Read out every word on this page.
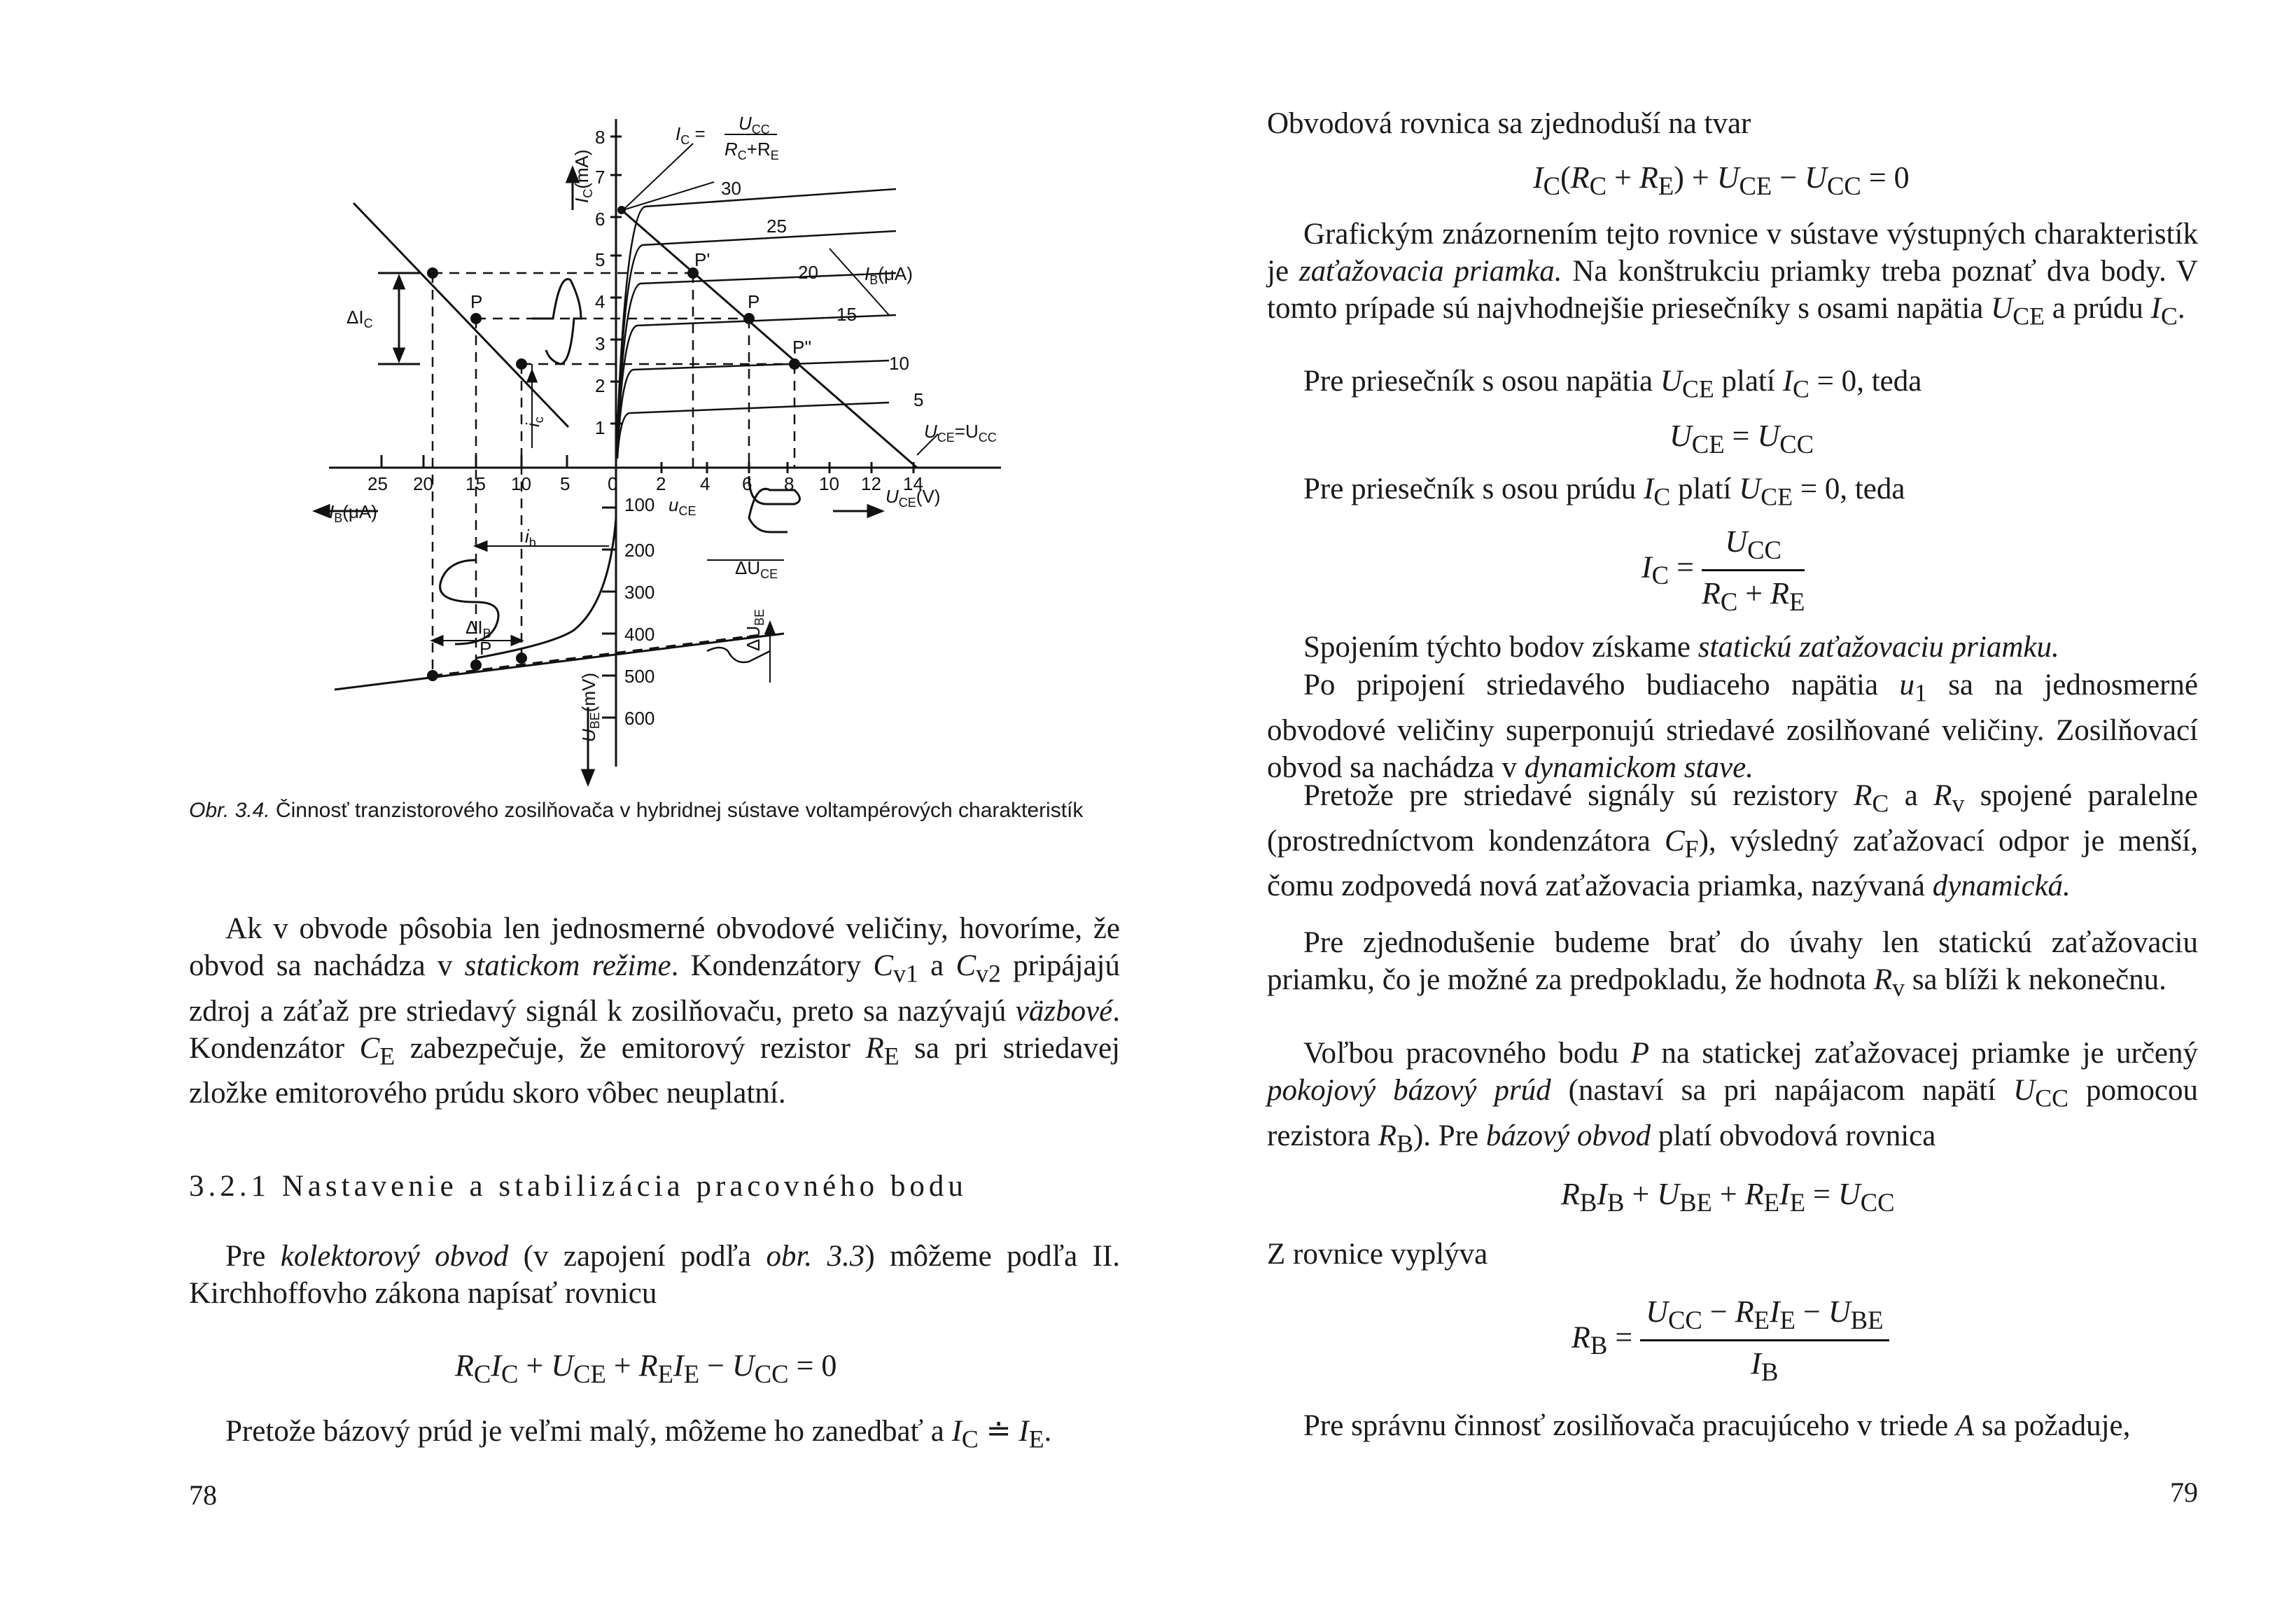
$I_C(mA)$
1
2
3
4
5
6
7
8
2 4 6 8 10 12 14
25 20 15 10 5 0
$I_B(\mu A)$
$U_{CE}(V)$
100
200
300
400
500
600
$U_{BE}(mV)$
30
25
20
15
10
5
$I_B(\mu A)$
$I_C = U_{CC}$
$R_C+R_E$
$U_{CE}=U_{CC}$
$\Delta I_C$
$i_c$
$i_b$
$\Delta I_B$
$u_{CE}$
$\Delta U_{CE}$
$\Delta U_{BE}$
P
P'
P
P''
P
Obr. 3.4. Činnosť tranzistorového zosilňovača v hybridnej sústave voltampérových charakteristík
Ak v obvode pôsobia len jednosmerné obvodové veličiny, hovoríme, že obvod sa nachádza v statickom režime. Kondenzátory $C_{v1}$ a $C_{v2}$ pripájajú zdroj a záťaž pre striedavý signál k zosilňovaču, preto sa nazývajú väzbové. Kondenzátor $C_E$ zabezpečuje, že emitorový rezistor $R_E$ sa pri striedavej zložke emitorového prúdu skoro vôbec neuplatní.
3.2.1 Nastavenie a stabilizácia pracovného bodu
Pre kolektorový obvod (v zapojení podľa obr. 3.3) môžeme podľa II. Kirchhoffovho zákona napísať rovnicu
$R_CI_C + U_{CE} + R_EI_E - U_{CC} = 0$
Pretože bázový prúd je veľmi malý, môžeme ho zanedbať a $I_C$ ≐ $I_E$.
78
Obvodová rovnica sa zjednoduší na tvar
$I_C(R_C + R_E) + U_{CE} - U_{CC} = 0$
Grafickým znázornením tejto rovnice v sústave výstupných charakteristík je zaťažovacia priamka. Na konštrukciu priamky treba poznať dva body. V tomto prípade sú najvhodnejšie priesečníky s osami napätia $U_{CE}$ a prúdu $I_C$.
Pre priesečník s osou napätia $U_{CE}$ platí $I_C = 0$, teda
$U_{CE} = U_{CC}$
Pre priesečník s osou prúdu $I_C$ platí $U_{CE} = 0$, teda
$I_C = \frac{U_{CC}}{R_C + R_E}$
Spojením týchto bodov získame statickú zaťažovaciu priamku.
Po pripojení striedavého budiaceho napätia $u_1$ sa na jednosmerné obvodové veličiny superponujú striedavé zosilňované veličiny. Zosilňovací obvod sa nachádza v dynamickom stave.
Pretože pre striedavé signály sú rezistory $R_C$ a $R_v$ spojené paralelne (prostredníctvom kondenzátora $C_F$), výsledný zaťažovací odpor je menší, čomu zodpovedá nová zaťažovacia priamka, nazývaná dynamická.
Pre zjednodušenie budeme brať do úvahy len statickú zaťažovaciu priamku, čo je možné za predpokladu, že hodnota $R_v$ sa blíži k nekonečnu.
Voľbou pracovného bodu P na statickej zaťažovacej priamke je určený pokojový bázový prúd (nastaví sa pri napájacom napätí $U_{CC}$ pomocou rezistora $R_B$). Pre bázový obvod platí obvodová rovnica
$R_BI_B + U_{BE} + R_EI_E = U_{CC}$
Z rovnice vyplýva
$R_B = \frac{U_{CC} - R_EI_E - U_{BE}}{I_B}$
Pre správnu činnosť zosilňovača pracujúceho v triede A sa požaduje,
79
